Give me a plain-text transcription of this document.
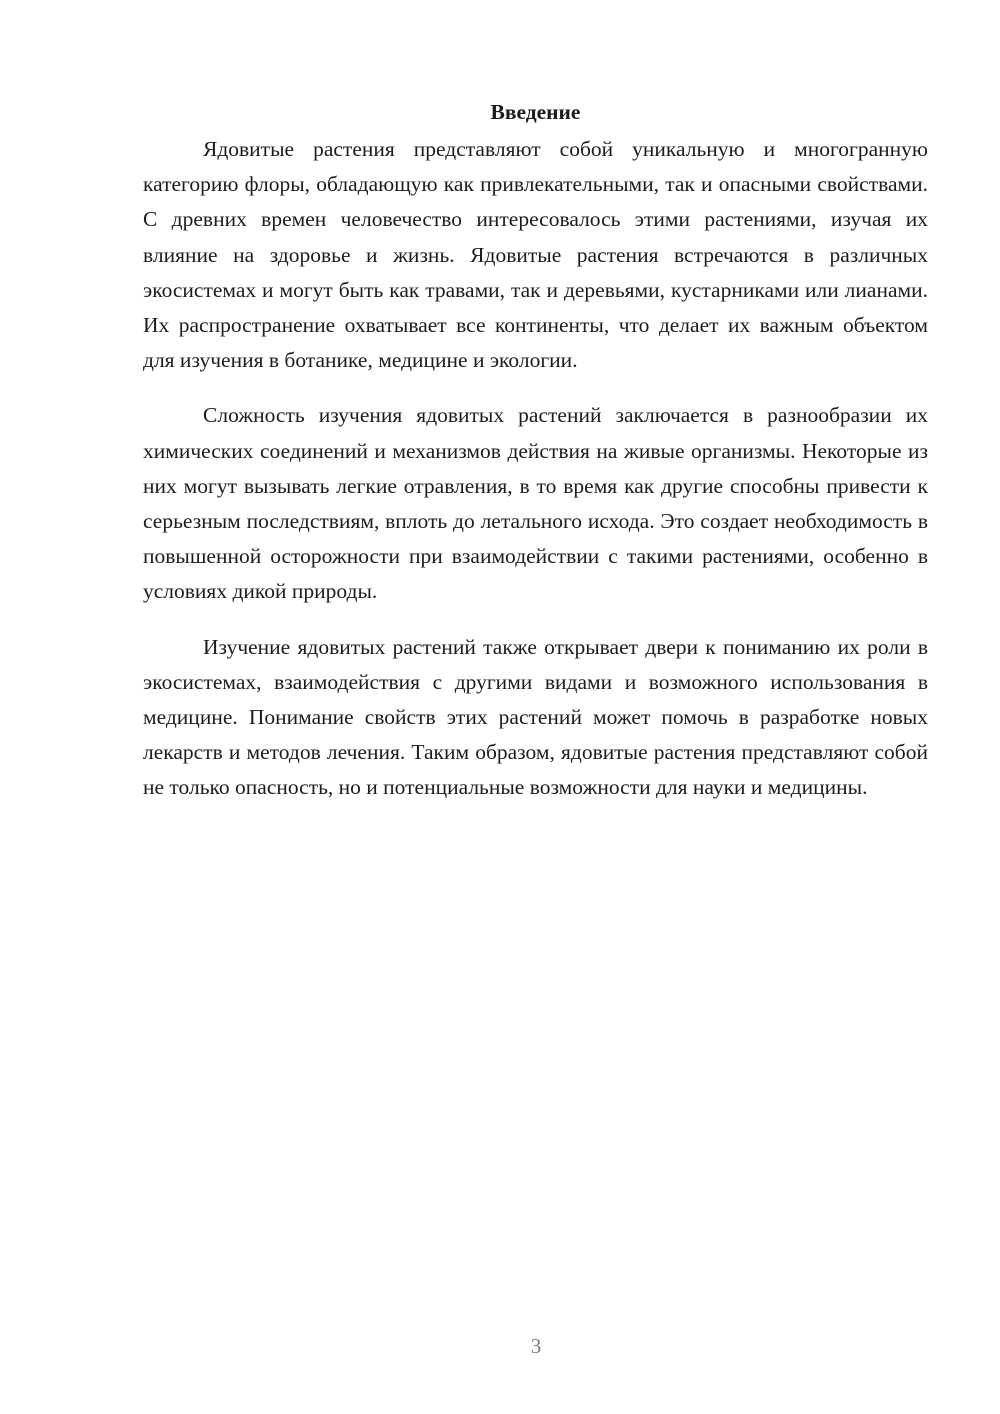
Введение

Ядовитые растения представляют собой уникальную и многогранную категорию флоры, обладающую как привлекательными, так и опасными свойствами. С древних времен человечество интересовалось этими растениями, изучая их влияние на здоровье и жизнь. Ядовитые растения встречаются в различных экосистемах и могут быть как травами, так и деревьями, кустарниками или лианами. Их распространение охватывает все континенты, что делает их важным объектом для изучения в ботанике, медицине и экологии.

Сложность изучения ядовитых растений заключается в разнообразии их химических соединений и механизмов действия на живые организмы. Некоторые из них могут вызывать легкие отравления, в то время как другие способны привести к серьезным последствиям, вплоть до летального исхода. Это создает необходимость в повышенной осторожности при взаимодействии с такими растениями, особенно в условиях дикой природы.

Изучение ядовитых растений также открывает двери к пониманию их роли в экосистемах, взаимодействия с другими видами и возможного использования в медицине. Понимание свойств этих растений может помочь в разработке новых лекарств и методов лечения. Таким образом, ядовитые растения представляют собой не только опасность, но и потенциальные возможности для науки и медицины.

3
